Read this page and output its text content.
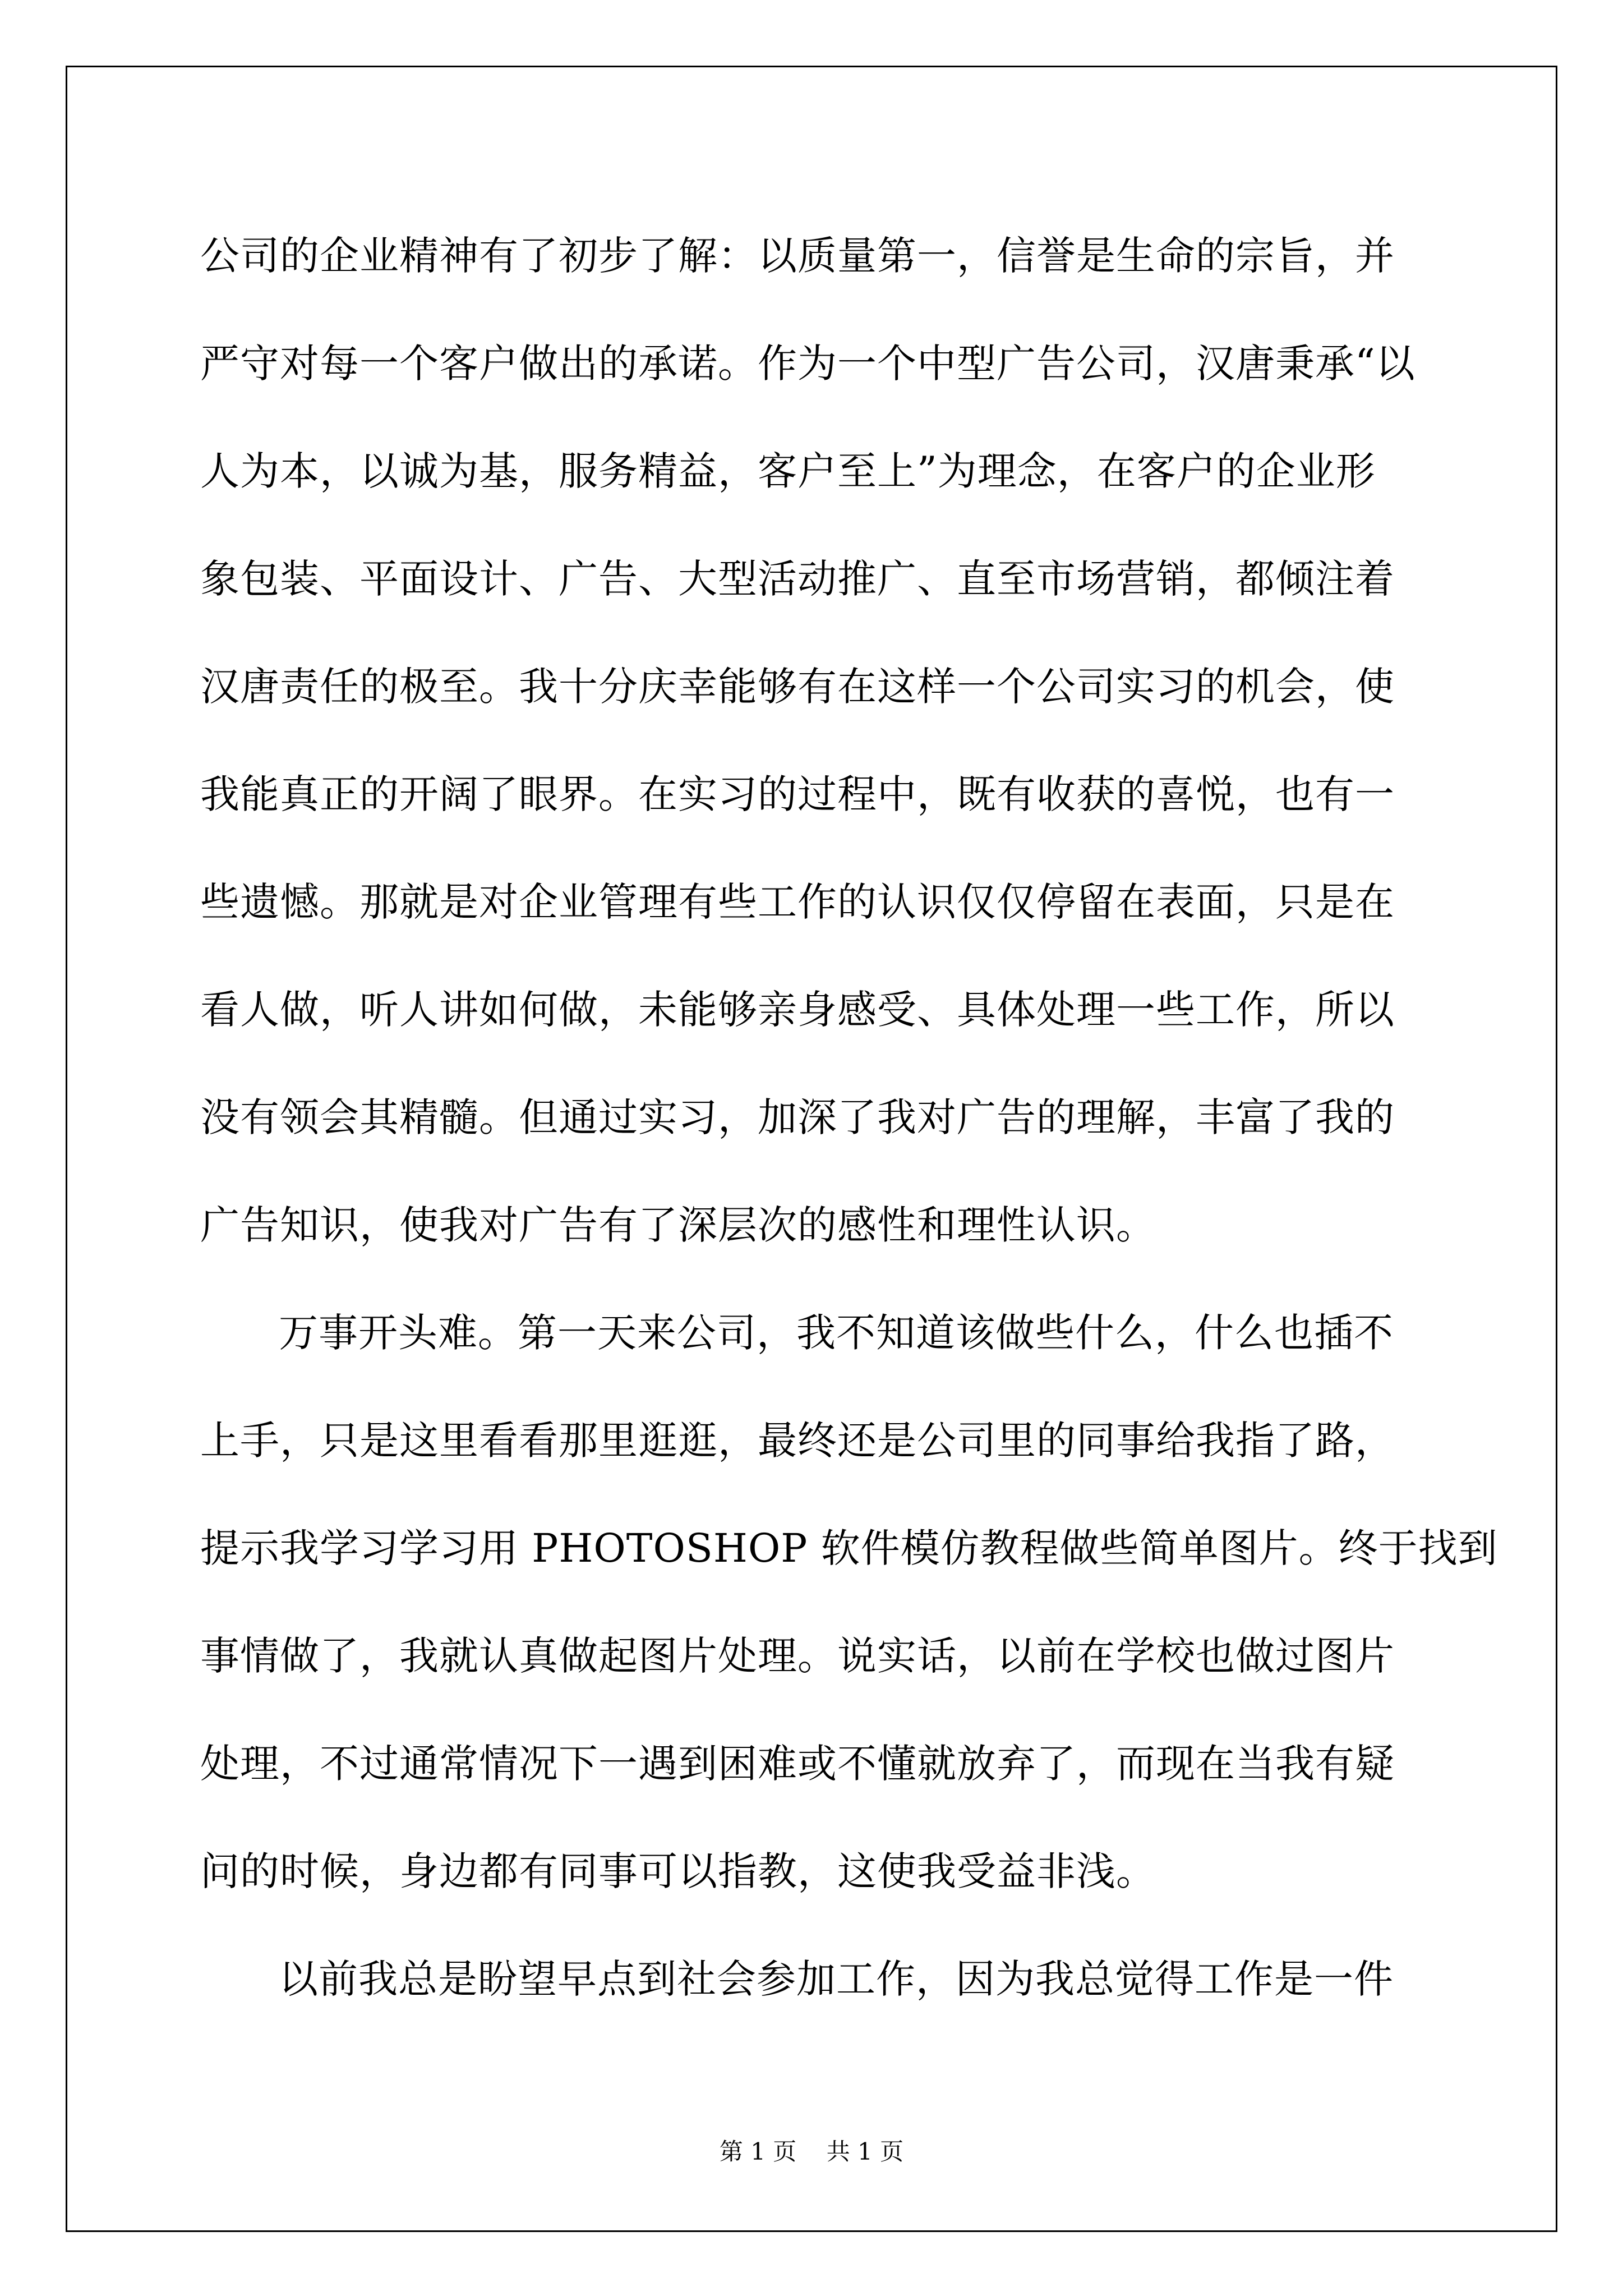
公司的企业精神有了初步了解：以质量第一，信誉是生命的宗旨，并
严守对每一个客户做出的承诺。作为一个中型广告公司，汉唐秉承“以
人为本，以诚为基，服务精益，客户至上”为理念，在客户的企业形
象包装、平面设计、广告、大型活动推广、直至市场营销，都倾注着
汉唐责任的极至。我十分庆幸能够有在这样一个公司实习的机会，使
我能真正的开阔了眼界。在实习的过程中，既有收获的喜悦，也有一
些遗憾。那就是对企业管理有些工作的认识仅仅停留在表面，只是在
看人做，听人讲如何做，未能够亲身感受、具体处理一些工作，所以
没有领会其精髓。但通过实习，加深了我对广告的理解，丰富了我的
广告知识，使我对广告有了深层次的感性和理性认识。
万事开头难。第一天来公司，我不知道该做些什么，什么也插不
上手，只是这里看看那里逛逛，最终还是公司里的同事给我指了路，
提示我学习学习用 PHOTOSHOP 软件模仿教程做些简单图片。终于找到
事情做了，我就认真做起图片处理。说实话，以前在学校也做过图片
处理，不过通常情况下一遇到困难或不懂就放弃了，而现在当我有疑
问的时候，身边都有同事可以指教，这使我受益非浅。
以前我总是盼望早点到社会参加工作，因为我总觉得工作是一件
第 1 页    共 1 页
